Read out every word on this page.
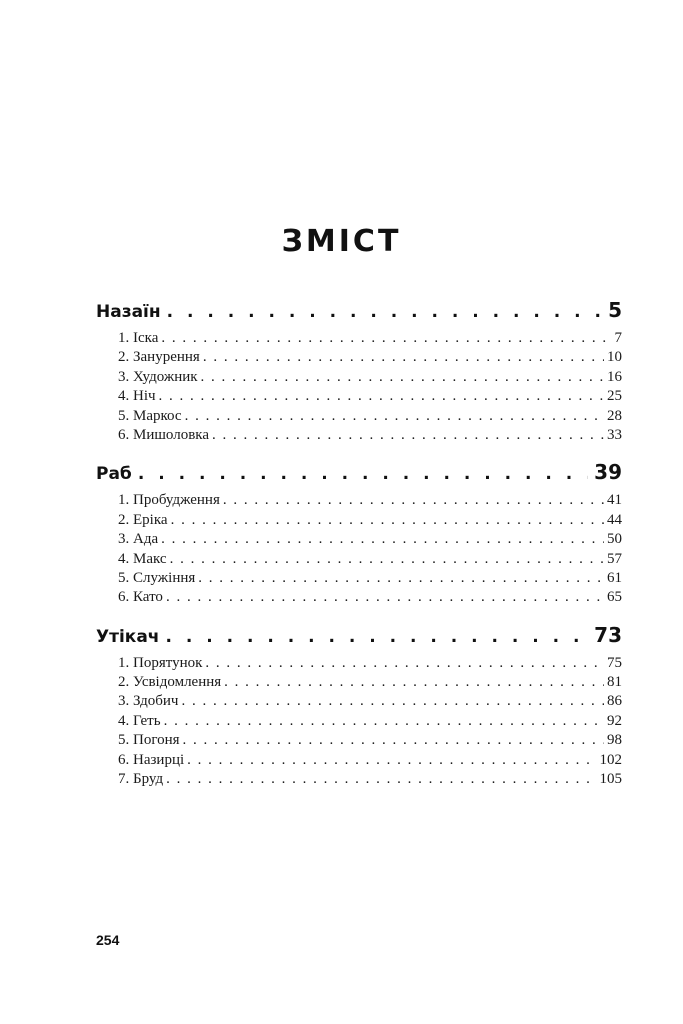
ЗМІСТ
Назаїн . . .	5
1. Іска . . .	7
2. Занурення . . .	10
3. Художник . . .	16
4. Ніч . . .	25
5. Маркос . . .	28
6. Мишоловка . . .	33
Раб . . .	39
1. Пробудження . . .	41
2. Еріка . . .	44
3. Ада . . .	50
4. Макс . . .	57
5. Служіння . . .	61
6. Като . . .	65
Утікач . . .	73
1. Порятунок . . .	75
2. Усвідомлення . . .	81
3. Здобич . . .	86
4. Геть . . .	92
5. Погоня . . .	98
6. Назирці . . .	102
7. Бруд . . .	105
254
